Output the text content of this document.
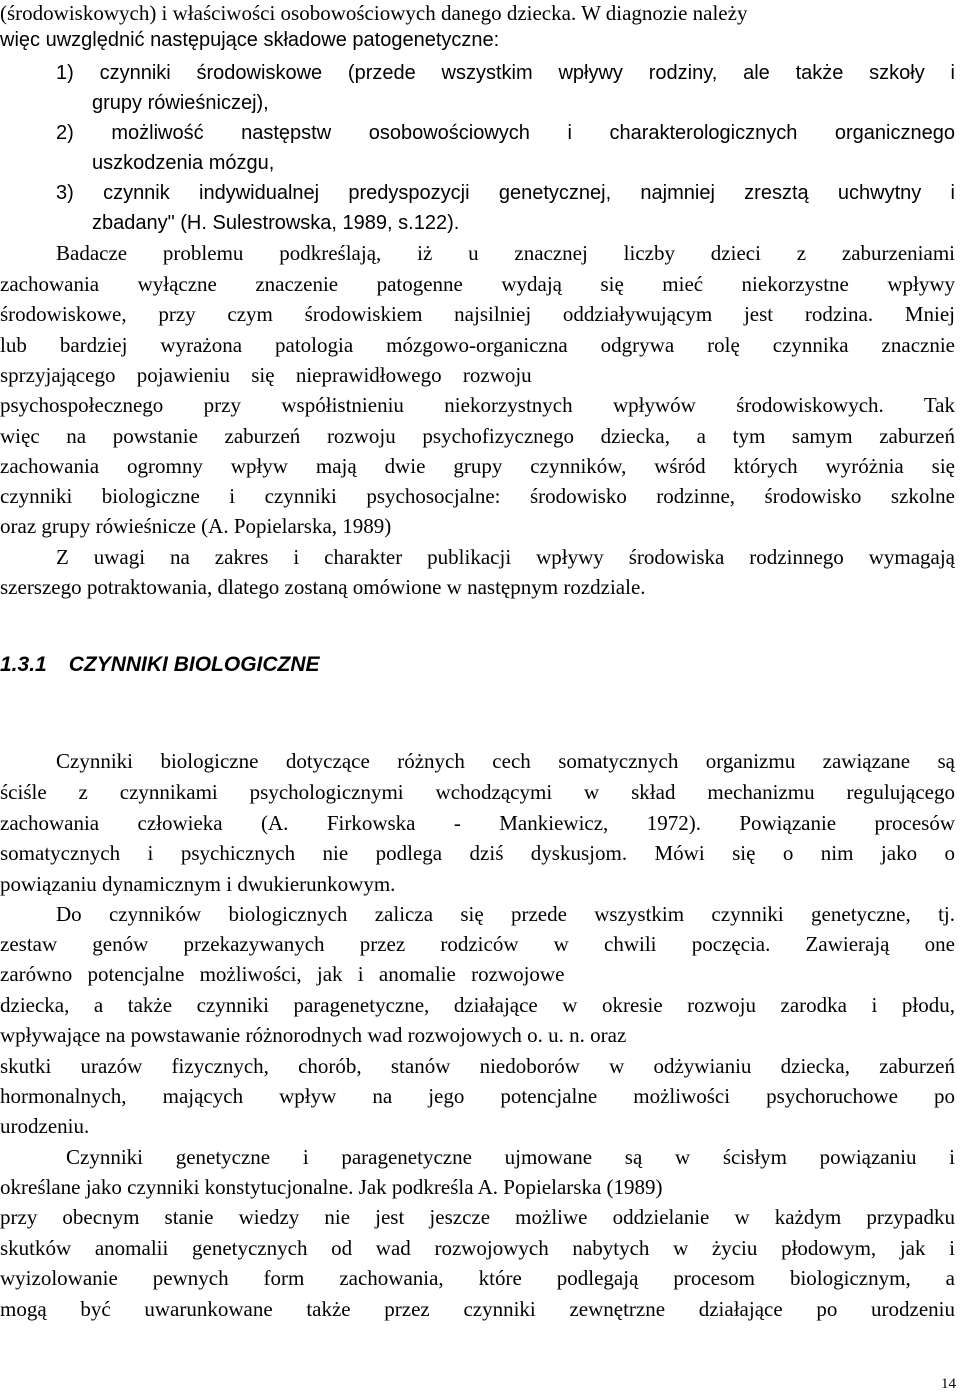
(środowiskowych) i właściwości osobowościowych danego dziecka. W diagnozie należy
więc uwzględnić następujące składowe patogenetyczne:
1) czynniki środowiskowe (przede wszystkim wpływy rodziny, ale także szkoły i
grupy rówieśniczej),
2) możliwość następstw osobowościowych i charakterologicznych organicznego
uszkodzenia mózgu,
3) czynnik indywidualnej predyspozycji genetycznej, najmniej zresztą uchwytny i
zbadany" (H. Sulestrowska, 1989, s.122).
Badacze problemu podkreślają, iż u znacznej liczby dzieci z zaburzeniami
zachowania wyłączne znaczenie patogenne wydają się mieć niekorzystne wpływy
środowiskowe, przy czym środowiskiem najsilniej oddziaływującym jest rodzina. Mniej
lub bardziej wyrażona patologia mózgowo-organiczna odgrywa rolę czynnika znacznie
sprzyjającego pojawieniu się nieprawidłowego rozwoju
psychospołecznego przy współistnieniu niekorzystnych wpływów środowiskowych. Tak
więc na powstanie zaburzeń rozwoju psychofizycznego dziecka, a tym samym zaburzeń
zachowania ogromny wpływ mają dwie grupy czynników, wśród których wyróżnia się
czynniki biologiczne i czynniki psychosocjalne: środowisko rodzinne, środowisko szkolne
oraz grupy rówieśnicze (A. Popielarska, 1989)
Z uwagi na zakres i charakter publikacji wpływy środowiska rodzinnego wymagają
szerszego potraktowania, dlatego zostaną omówione w następnym rozdziale.
1.3.1 CZYNNIKI BIOLOGICZNE
Czynniki biologiczne dotyczące różnych cech somatycznych organizmu zawiązane są
ściśle z czynnikami psychologicznymi wchodzącymi w skład mechanizmu regulującego
zachowania człowieka (A. Firkowska - Mankiewicz, 1972). Powiązanie procesów
somatycznych i psychicznych nie podlega dziś dyskusjom. Mówi się o nim jako o
powiązaniu dynamicznym i dwukierunkowym.
Do czynników biologicznych zalicza się przede wszystkim czynniki genetyczne, tj.
zestaw genów przekazywanych przez rodziców w chwili poczęcia. Zawierają one
zarówno potencjalne możliwości, jak i anomalie rozwojowe
dziecka, a także czynniki paragenetyczne, działające w okresie rozwoju zarodka i płodu,
wpływające na powstawanie różnorodnych wad rozwojowych o. u. n. oraz
skutki urazów fizycznych, chorób, stanów niedoborów w odżywianiu dziecka, zaburzeń
hormonalnych, mających wpływ na jego potencjalne możliwości psychoruchowe po
urodzeniu.
Czynniki genetyczne i paragenetyczne ujmowane są w ścisłym powiązaniu i
określane jako czynniki konstytucjonalne. Jak podkreśla A. Popielarska (1989)
przy obecnym stanie wiedzy nie jest jeszcze możliwe oddzielanie w każdym przypadku
skutków anomalii genetycznych od wad rozwojowych nabytych w życiu płodowym, jak i
wyizolowanie pewnych form zachowania, które podlegają procesom biologicznym, a
mogą być uwarunkowane także przez czynniki zewnętrzne działające po urodzeniu
14
